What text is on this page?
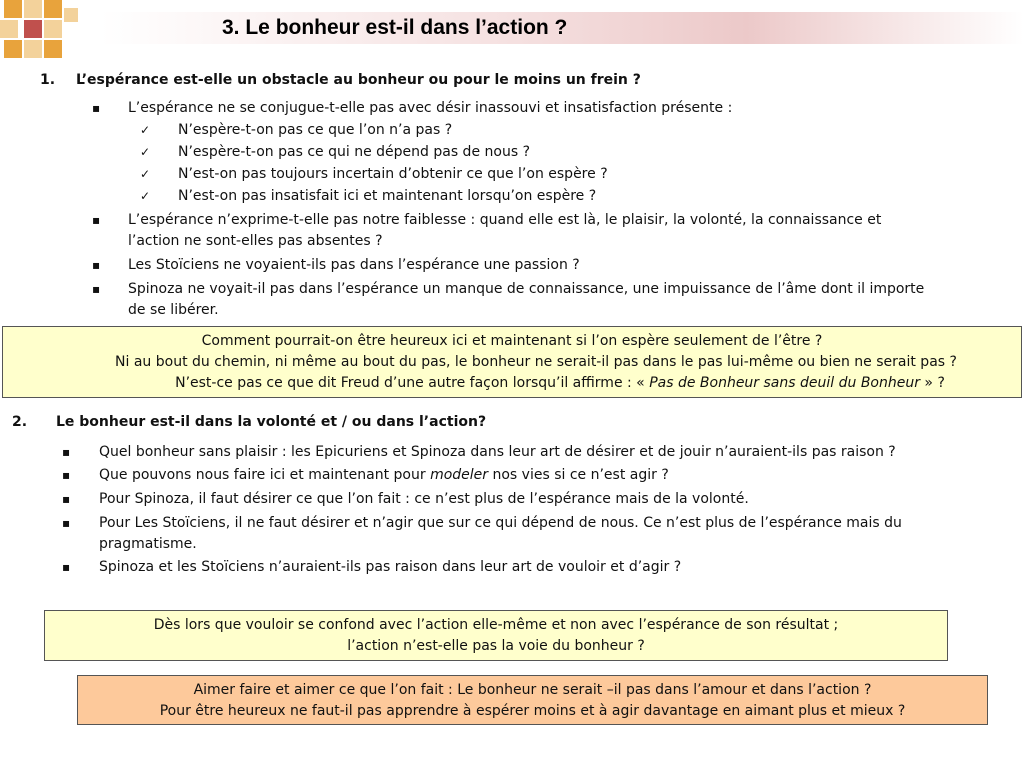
3. Le bonheur est-il dans l’action ?
1. L’espérance est-elle un obstacle au bonheur ou pour le moins un frein ?
▪ L’espérance ne se conjugue-t-elle pas avec désir inassouvi et insatisfaction présente :
✓ N’espère-t-on pas ce que l’on n’a pas ?
✓ N’espère-t-on pas ce qui ne dépend pas de nous ?
✓ N’est-on pas toujours incertain d’obtenir ce que l’on espère ?
✓ N’est-on pas insatisfait ici et maintenant lorsqu’on espère ?
▪ L’espérance n’exprime-t-elle pas notre faiblesse : quand elle est là, le plaisir, la volonté, la connaissance et
l’action ne sont-elles pas absentes ?
▪ Les Stoïciens ne voyaient-ils pas dans l’espérance une passion ?
▪ Spinoza ne voyait-il pas dans l’espérance un manque de connaissance, une impuissance de l’âme dont il importe
de se libérer.
Comment pourrait-on être heureux ici et maintenant si l’on espère seulement de l’être ?
Ni au bout du chemin, ni même au bout du pas, le bonheur ne serait-il pas dans le pas lui-même ou bien ne serait pas ?
N’est-ce pas ce que dit Freud d’une autre façon lorsqu’il affirme : « Pas de Bonheur sans deuil du Bonheur » ?
2. Le bonheur est-il dans la volonté et / ou dans l’action?
▪ Quel bonheur sans plaisir : les Epicuriens et Spinoza dans leur art de désirer et de jouir n’auraient-ils pas raison ?
▪ Que pouvons nous faire ici et maintenant pour modeler nos vies si ce n’est agir ?
▪ Pour Spinoza, il faut désirer ce que l’on fait : ce n’est plus de l’espérance mais de la volonté.
▪ Pour Les Stoïciens, il ne faut désirer et n’agir que sur ce qui dépend de nous. Ce n’est plus de l’espérance mais du
pragmatisme.
▪ Spinoza et les Stoïciens n’auraient-ils pas raison dans leur art de vouloir et d’agir ?
Dès lors que vouloir se confond avec l’action elle-même et non avec l’espérance de son résultat ;
l’action n’est-elle pas la voie du bonheur ?
Aimer faire et aimer ce que l’on fait : Le bonheur ne serait –il pas dans l’amour et dans l’action ?
Pour être heureux ne faut-il pas apprendre à espérer moins et à agir davantage en aimant plus et mieux ?
